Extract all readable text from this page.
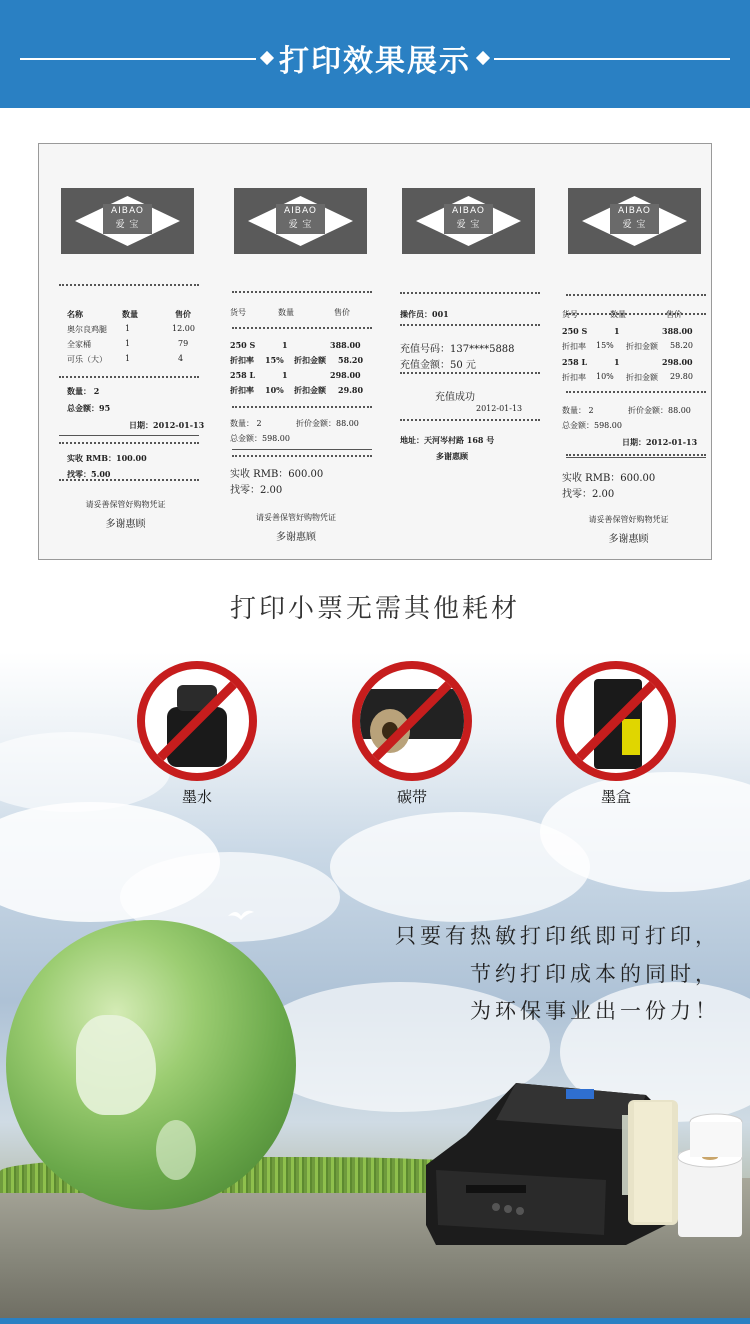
打印效果展示
AIBAO
爱 宝
名称	数量	售价
奥尔良鸡腿 1	12.00
全家桶	1	79
可乐（大） 1	4
数量： 2
总金额：95
日期：2012-01-13
实收 RMB：100.00
找零：5.00
请妥善保管好购物凭证
多谢惠顾
AIBAO
爱 宝
货号	数量	售价
250 S	1	388.00
折扣率 15% 折扣金额 58.20
258 L	1	298.00
折扣率 10% 折扣金额 29.80
数量： 2	折价金额：88.00
总金额：598.00
实收 RMB：600.00
找零：2.00
请妥善保管好购物凭证
多谢惠顾
AIBAO
爱 宝
操作员：001
充值号码：137****5888
充值金额：50 元
充值成功
2012-01-13
地址：天河岑村路 168 号
多谢惠顾
AIBAO
爱 宝
货号	数量	售价
250 S	1	388.00
折扣率 15% 折扣金额 58.20
258 L	1	298.00
折扣率 10% 折扣金额 29.80
数量： 2	折价金额：88.00
总金额：598.00
日期：2012-01-13
实收 RMB：600.00
找零：2.00
请妥善保管好购物凭证
多谢惠顾
打印小票无需其他耗材
墨水	碳带	墨盒
只要有热敏打印纸即可打印，
节约打印成本的同时，
为环保事业出一份力！
